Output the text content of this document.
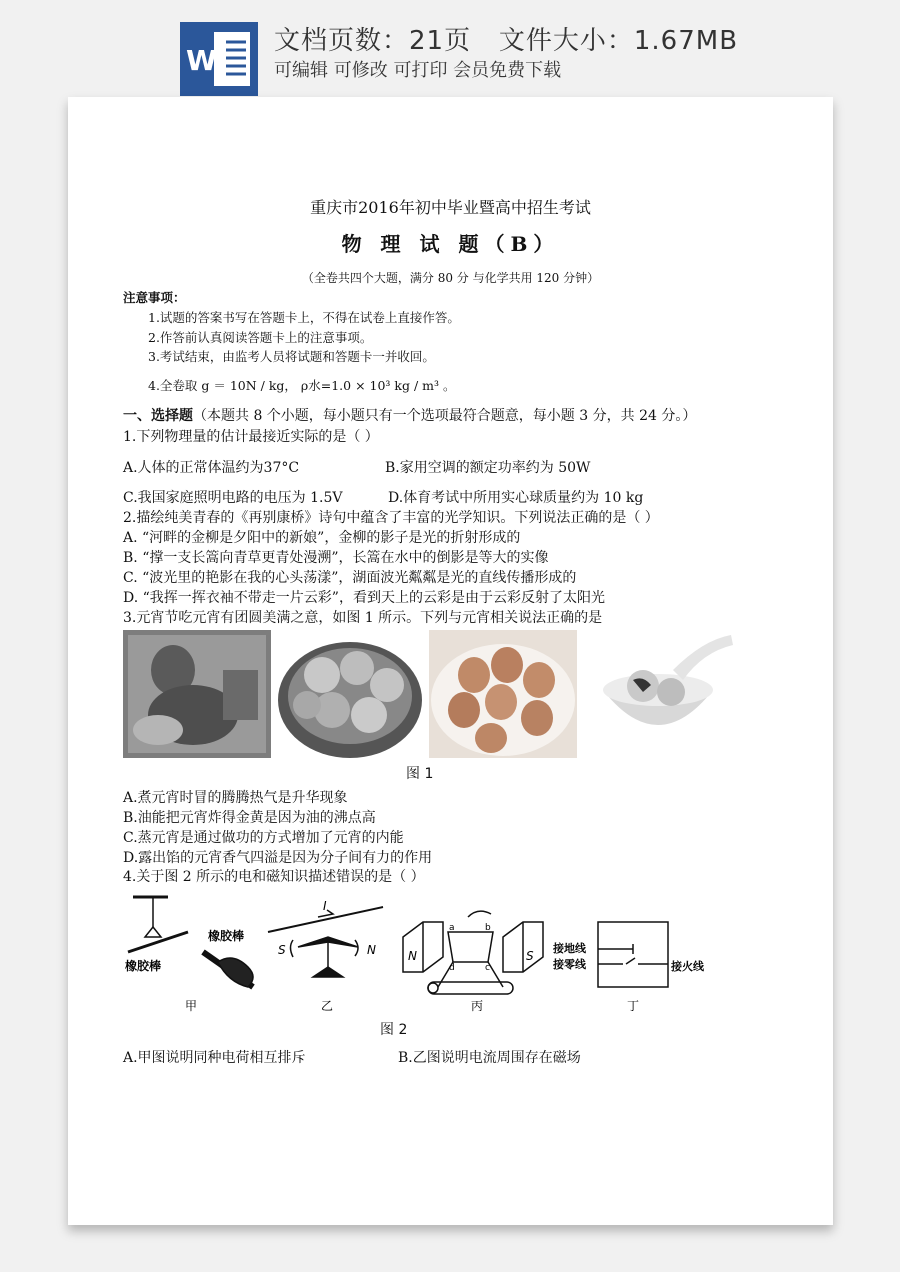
W
文档页数：21页   文件大小：1.67MB
可编辑 可修改 可打印 会员免费下载
重庆市2016年初中毕业暨高中招生考试
物 理 试 题（B）
（全卷共四个大题，满分 80 分 与化学共用 120 分钟）
注意事项：
1.试题的答案书写在答题卡上，不得在试卷上直接作答。
2.作答前认真阅读答题卡上的注意事项。
3.考试结束，由监考人员将试题和答题卡一并收回。
4.全卷取 g ＝ 10N / kg， ρ水=1.0 × 10³ kg / m³ 。
一、选择题（本题共 8 个小题，每小题只有一个选项最符合题意，每小题 3 分，共 24 分。）
1.下列物理量的估计最接近实际的是（ ）
A.人体的正常体温约为37°C	B.家用空调的额定功率约为 50W
C.我国家庭照明电路的电压为 1.5V	D.体育考试中所用实心球质量约为 10 kg
2.描绘纯美青春的《再别康桥》诗句中蕴含了丰富的光学知识。下列说法正确的是（ ）
A. “河畔的金柳是夕阳中的新娘”，金柳的影子是光的折射形成的
B. “撑一支长篙向青草更青处漫溯”，长篙在水中的倒影是等大的实像
C. “波光里的艳影在我的心头荡漾”，湖面波光粼粼是光的直线传播形成的
D. “我挥一挥衣袖不带走一片云彩”，看到天上的云彩是由于云彩反射了太阳光
3.元宵节吃元宵有团圆美满之意，如图 1 所示。下列与元宵相关说法正确的是
图 1
A.煮元宵时冒的腾腾热气是升华现象
B.油能把元宵炸得金黄是因为油的沸点高
C.蒸元宵是通过做功的方式增加了元宵的内能
D.露出馅的元宵香气四溢是因为分子间有力的作用
4.关于图 2 所示的电和磁知识描述错误的是（ ）
橡胶棒
橡胶棒
甲
I
S	N
乙
N	S
a	b
c
d
丙
接地线
接零线	接火线
丁
图 2
A.甲图说明同种电荷相互排斥	B.乙图说明电流周围存在磁场
